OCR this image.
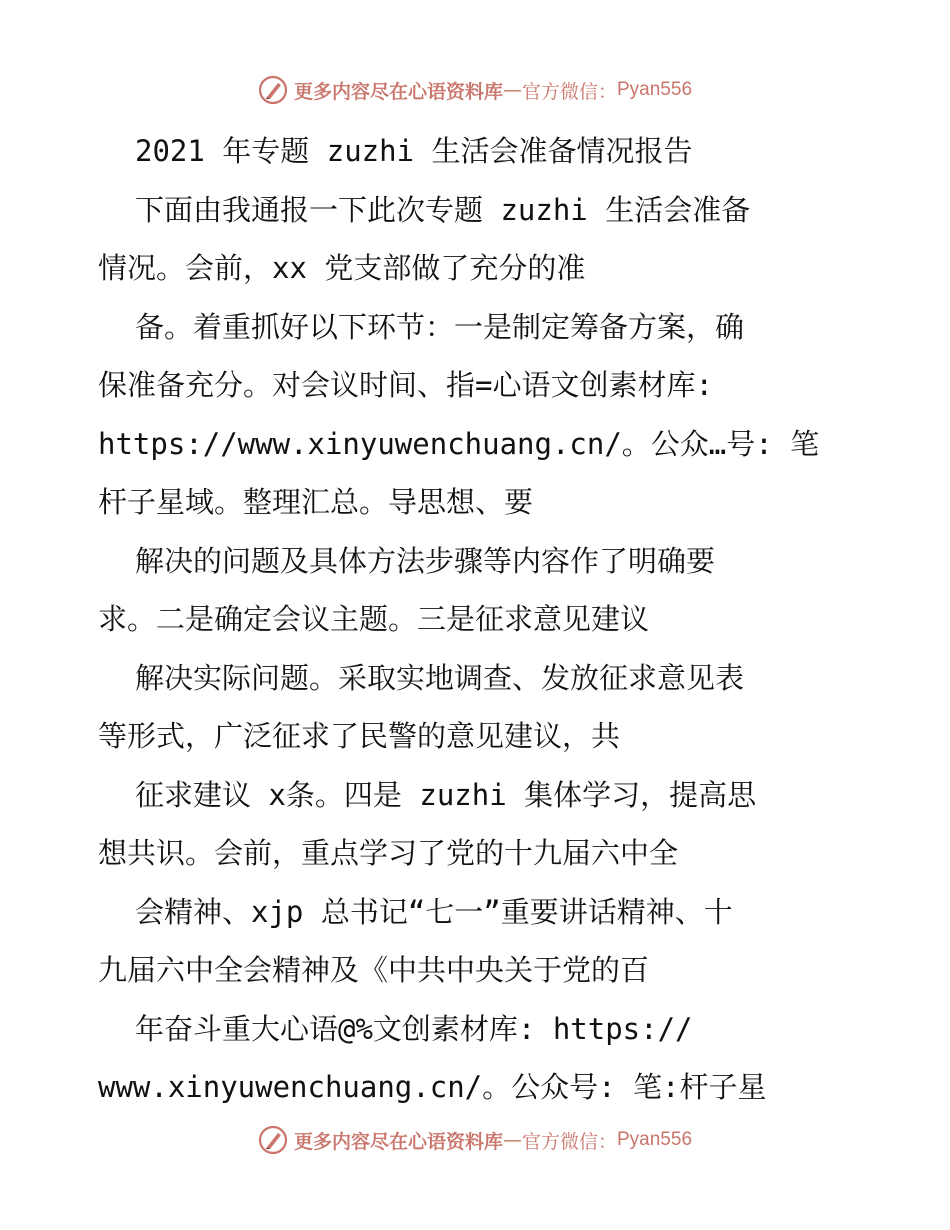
更多内容尽在心语资料库 — 官方微信： Pyan556
2021 年专题 zuzhi 生活会准备情况报告
下面由我通报一下此次专题 zuzhi 生活会准备
情况。会前，xx 党支部做了充分的准
备。着重抓好以下环节：一是制定筹备方案，确
保准备充分。对会议时间、指=心语文创素材库:
https://www.xinyuwenchuang.cn/。公众…号: 笔
杆子星域。整理汇总。导思想、要
解决的问题及具体方法步骤等内容作了明确要
求。二是确定会议主题。三是征求意见建议
解决实际问题。采取实地调查、发放征求意见表
等形式，广泛征求了民警的意见建议，共
征求建议 x条。四是 zuzhi 集体学习，提高思
想共识。会前，重点学习了党的十九届六中全
会精神、xjp 总书记“七一”重要讲话精神、十
九届六中全会精神及《中共中央关于党的百
年奋斗重大心语@%文创素材库: https://
www.xinyuwenchuang.cn/。公众号: 笔:杆子星
更多内容尽在心语资料库 — 官方微信： Pyan556
